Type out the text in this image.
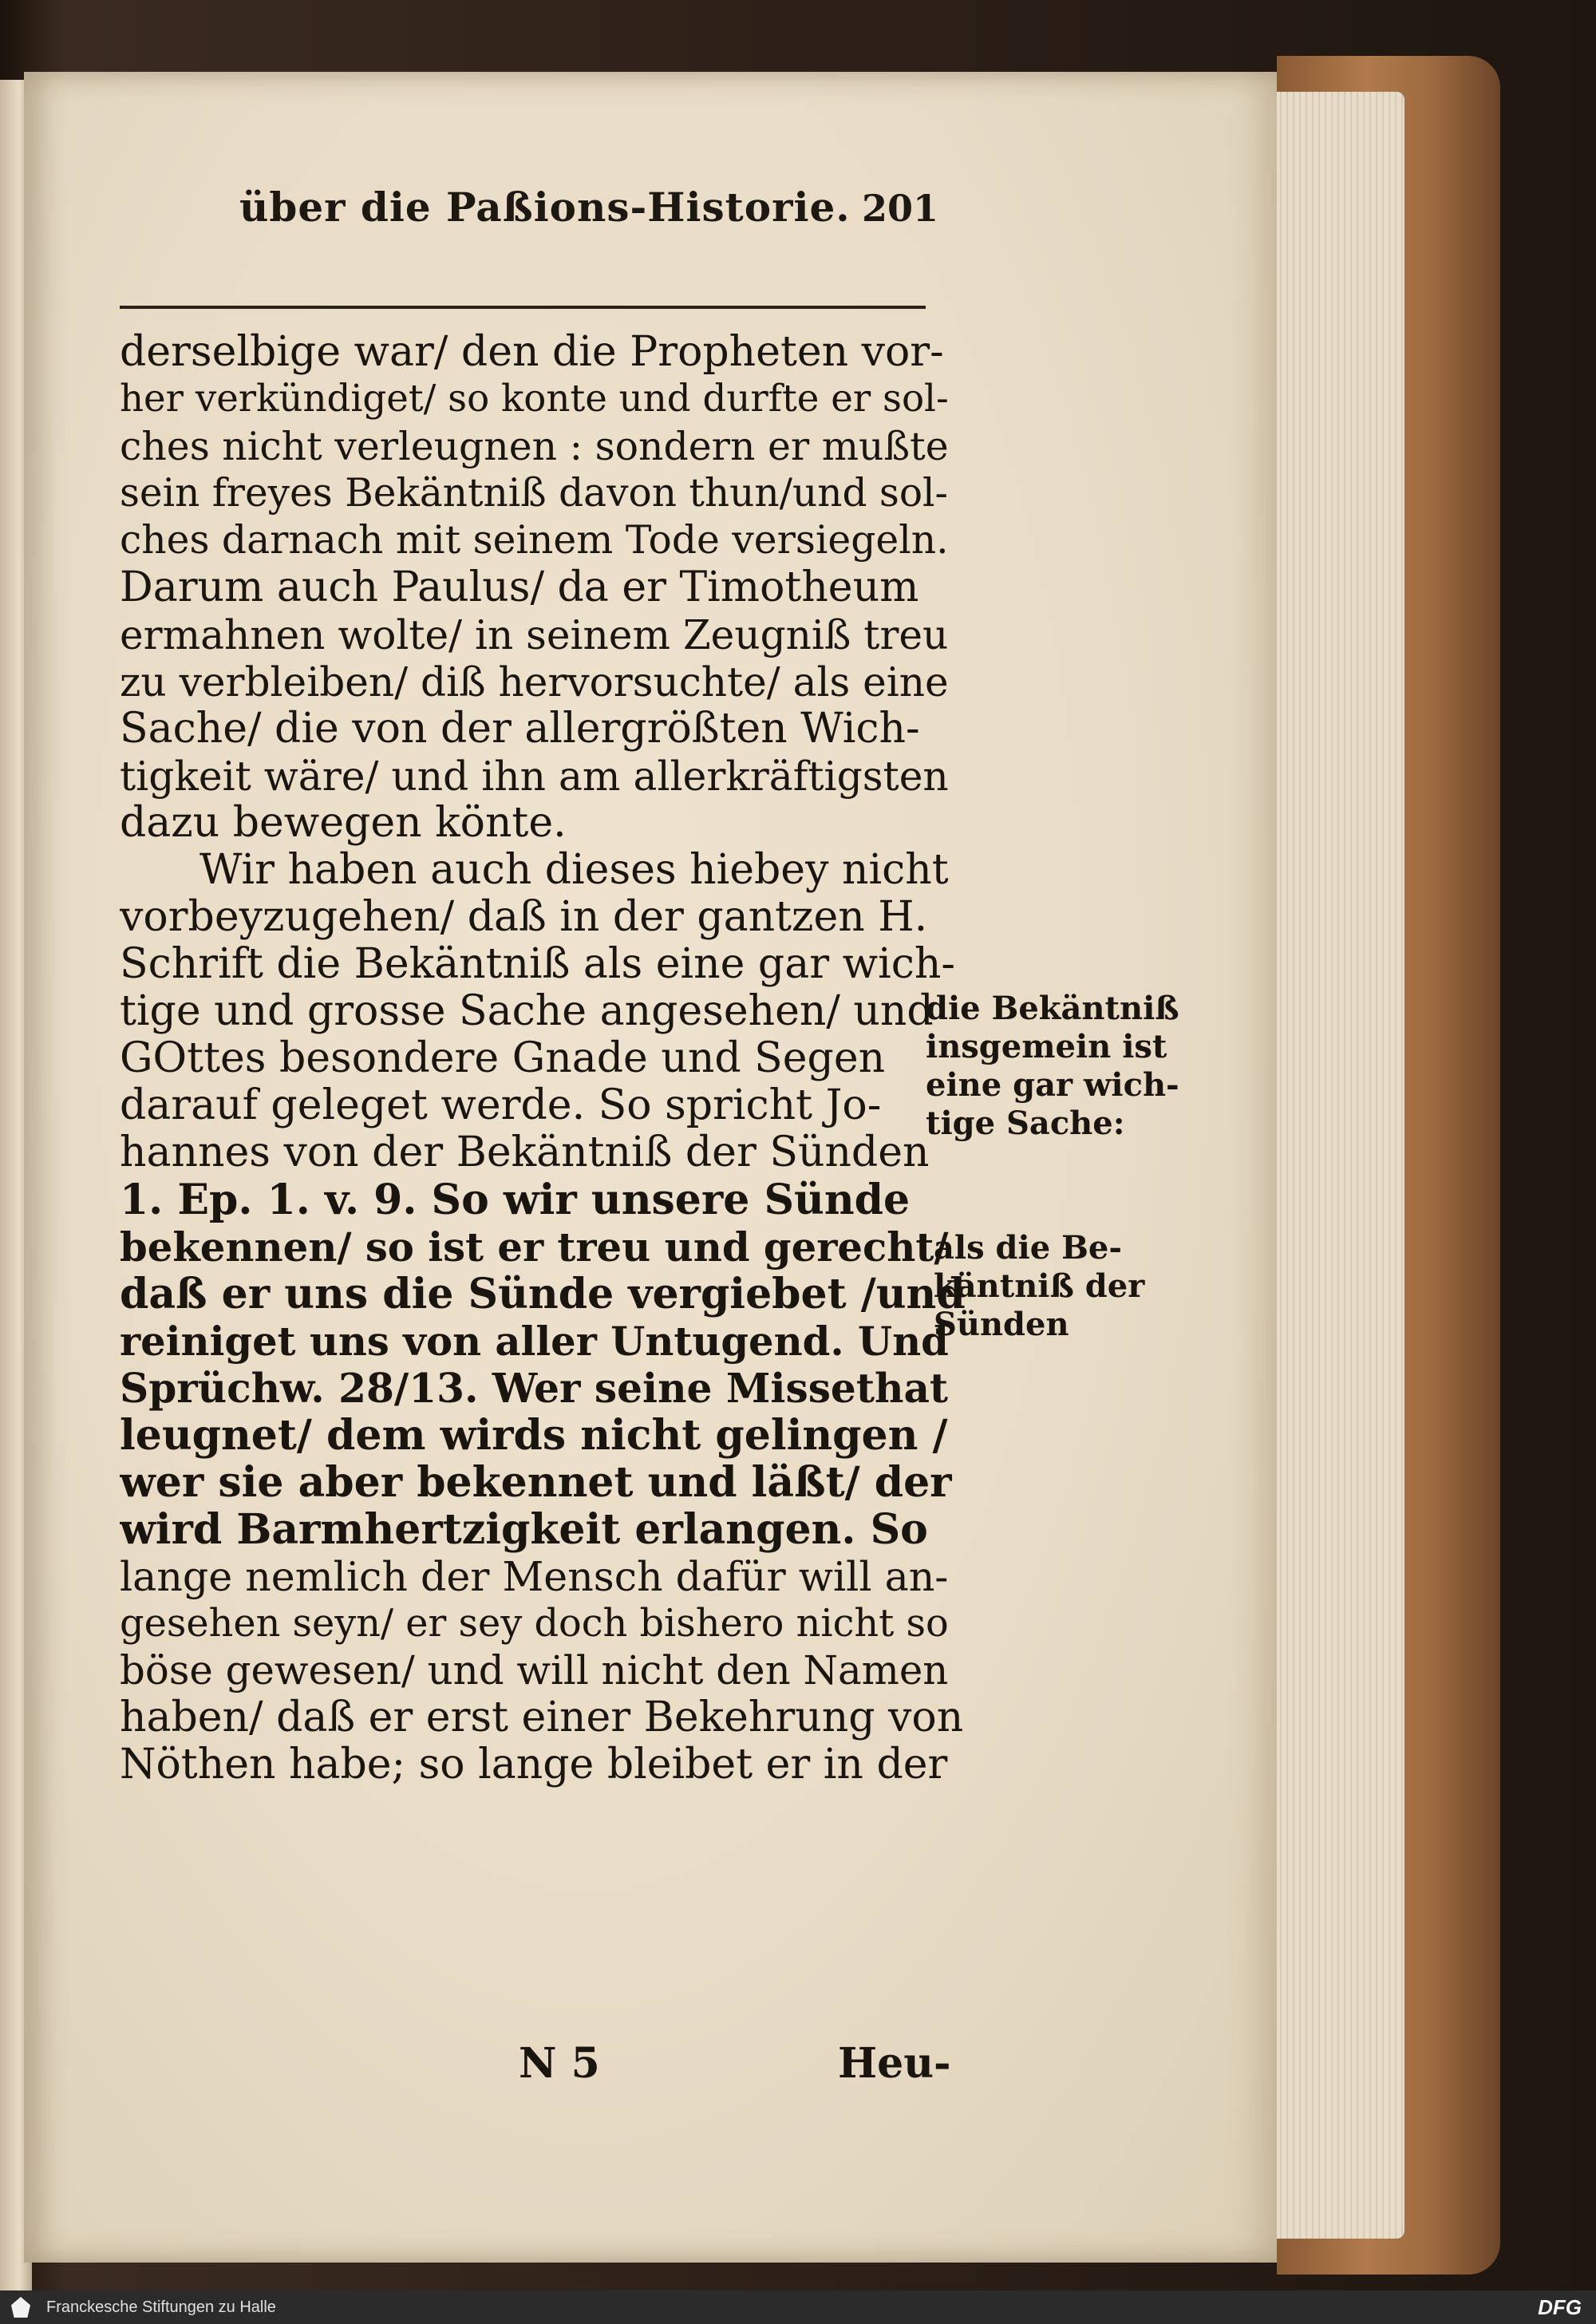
über die Paßions-Historie. 201
derselbige war/ den die Propheten vor-
her verkündiget/ so konte und durfte er sol-
ches nicht verleugnen : sondern er mußte
sein freyes Bekäntniß davon thun/und sol-
ches darnach mit seinem Tode versiegeln.
Darum auch Paulus/ da er Timotheum
ermahnen wolte/ in seinem Zeugniß treu
zu verbleiben/ diß hervorsuchte/ als eine
Sache/ die von der allergrößten Wich-
tigkeit wäre/ und ihn am allerkräftigsten
dazu bewegen könte.
Wir haben auch dieses hiebey nicht
vorbeyzugehen/ daß in der gantzen H.
Schrift die Bekäntniß als eine gar wich-
tige und grosse Sache angesehen/ und
GOttes besondere Gnade und Segen
darauf geleget werde. So spricht Jo-
hannes von der Bekäntniß der Sünden
1. Ep. 1. v. 9. So wir unsere Sünde
bekennen/ so ist er treu und gerecht/
daß er uns die Sünde vergiebet /und
reiniget uns von aller Untugend. Und
Sprüchw. 28/13. Wer seine Missethat
leugnet/ dem wirds nicht gelingen /
wer sie aber bekennet und läßt/ der
wird Barmhertzigkeit erlangen. So
lange nemlich der Mensch dafür will an-
gesehen seyn/ er sey doch bishero nicht so
böse gewesen/ und will nicht den Namen
haben/ daß er erst einer Bekehrung von
Nöthen habe; so lange bleibet er in der
die Bekäntniß
insgemein ist
eine gar wich-
tige Sache:
als die Be-
käntniß der
Sünden
N 5	Heu-
Franckesche Stiftungen zu Halle	DFG
